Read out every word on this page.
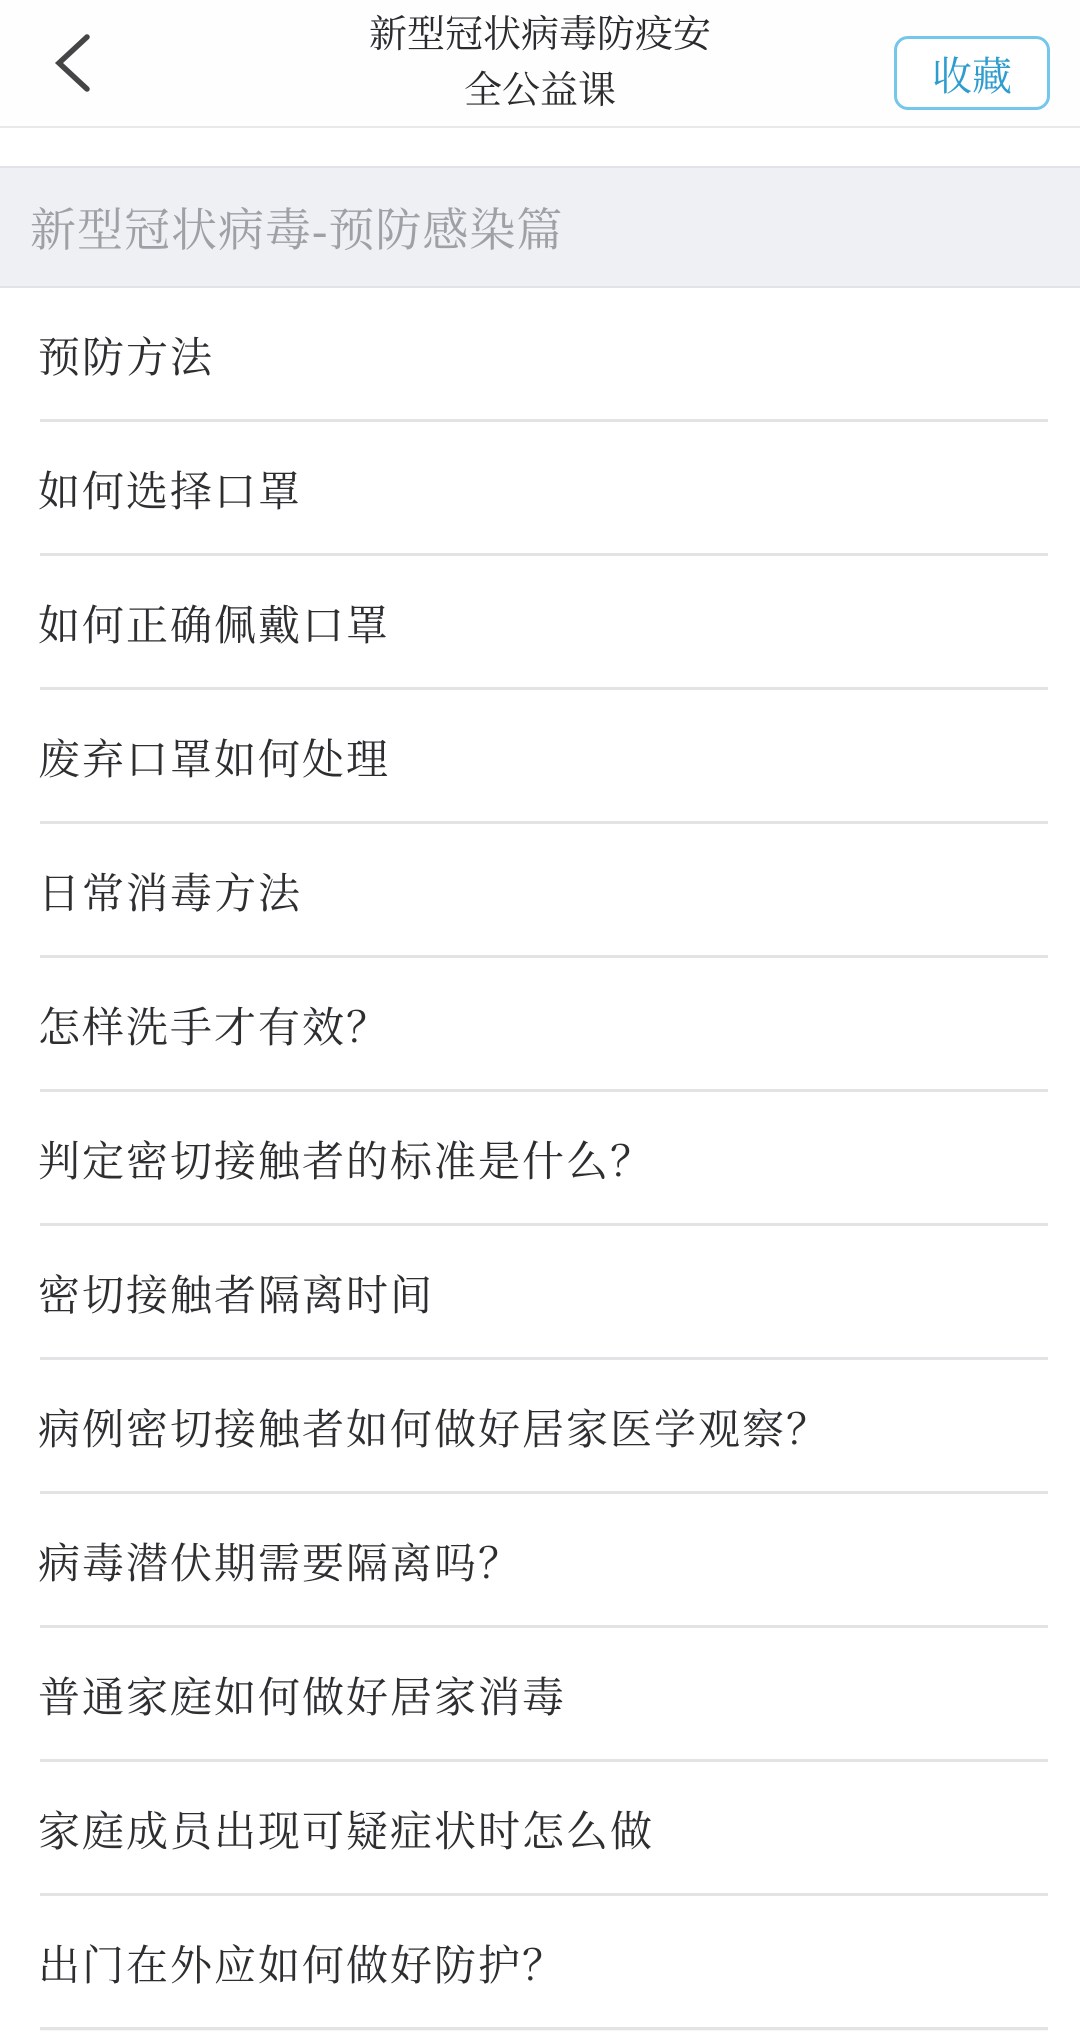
新型冠状病毒防疫安
全公益课	收藏
新型冠状病毒-预防感染篇
预防方法
如何选择口罩
如何正确佩戴口罩
废弃口罩如何处理
日常消毒方法
怎样洗手才有效？
判定密切接触者的标准是什么？
密切接触者隔离时间
病例密切接触者如何做好居家医学观察？
病毒潜伏期需要隔离吗？
普通家庭如何做好居家消毒
家庭成员出现可疑症状时怎么做
出门在外应如何做好防护？
